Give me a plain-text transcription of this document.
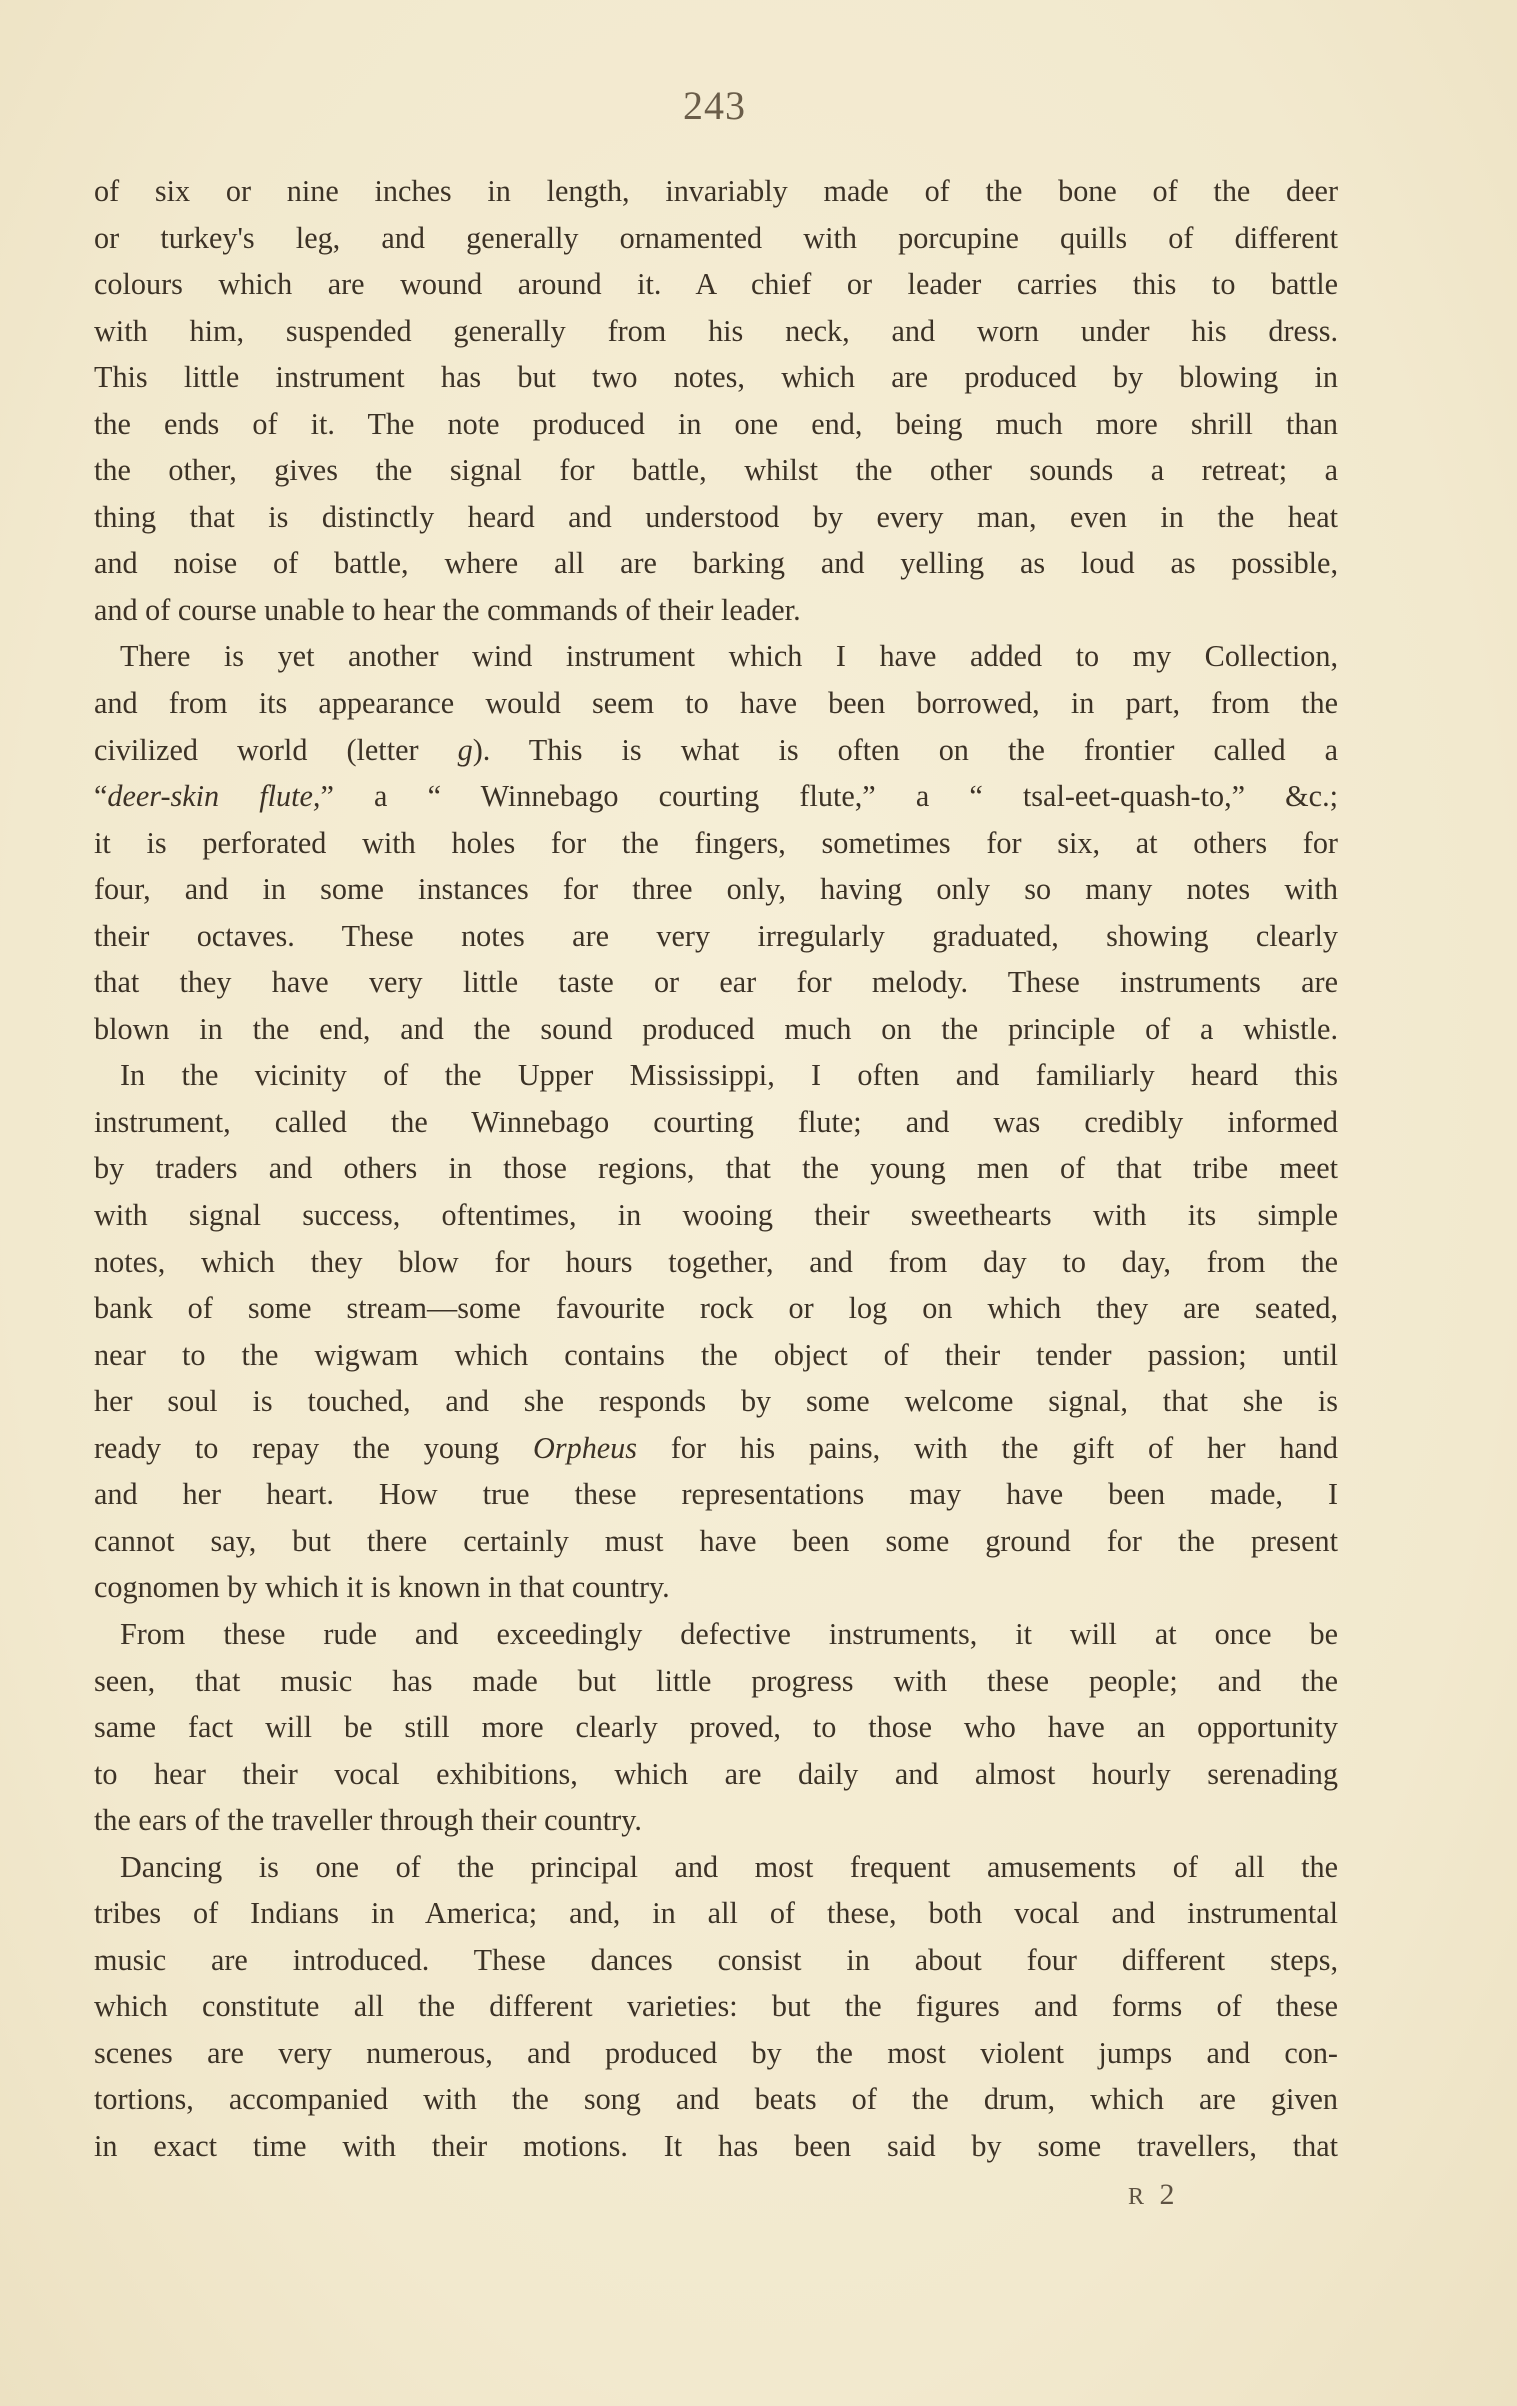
243
of six or nine inches in length, invariably made of the bone of the deer
or turkey's leg, and generally ornamented with porcupine quills of different
colours which are wound around it. A chief or leader carries this to battle
with him, suspended generally from his neck, and worn under his dress.
This little instrument has but two notes, which are produced by blowing in
the ends of it. The note produced in one end, being much more shrill than
the other, gives the signal for battle, whilst the other sounds a retreat; a
thing that is distinctly heard and understood by every man, even in the heat
and noise of battle, where all are barking and yelling as loud as possible,
and of course unable to hear the commands of their leader.
There is yet another wind instrument which I have added to my Collection,
and from its appearance would seem to have been borrowed, in part, from the
civilized world (letter g). This is what is often on the frontier called a
“deer-skin flute,” a “ Winnebago courting flute,” a “ tsal-eet-quash-to,” &c.;
it is perforated with holes for the fingers, sometimes for six, at others for
four, and in some instances for three only, having only so many notes with
their octaves. These notes are very irregularly graduated, showing clearly
that they have very little taste or ear for melody. These instruments are
blown in the end, and the sound produced much on the principle of a whistle.
In the vicinity of the Upper Mississippi, I often and familiarly heard this
instrument, called the Winnebago courting flute; and was credibly informed
by traders and others in those regions, that the young men of that tribe meet
with signal success, oftentimes, in wooing their sweethearts with its simple
notes, which they blow for hours together, and from day to day, from the
bank of some stream—some favourite rock or log on which they are seated,
near to the wigwam which contains the object of their tender passion; until
her soul is touched, and she responds by some welcome signal, that she is
ready to repay the young Orpheus for his pains, with the gift of her hand
and her heart. How true these representations may have been made, I
cannot say, but there certainly must have been some ground for the present
cognomen by which it is known in that country.
From these rude and exceedingly defective instruments, it will at once be
seen, that music has made but little progress with these people; and the
same fact will be still more clearly proved, to those who have an opportunity
to hear their vocal exhibitions, which are daily and almost hourly serenading
the ears of the traveller through their country.
Dancing is one of the principal and most frequent amusements of all the
tribes of Indians in America; and, in all of these, both vocal and instrumental
music are introduced. These dances consist in about four different steps,
which constitute all the different varieties: but the figures and forms of these
scenes are very numerous, and produced by the most violent jumps and con-
tortions, accompanied with the song and beats of the drum, which are given
in exact time with their motions. It has been said by some travellers, that
R 2
